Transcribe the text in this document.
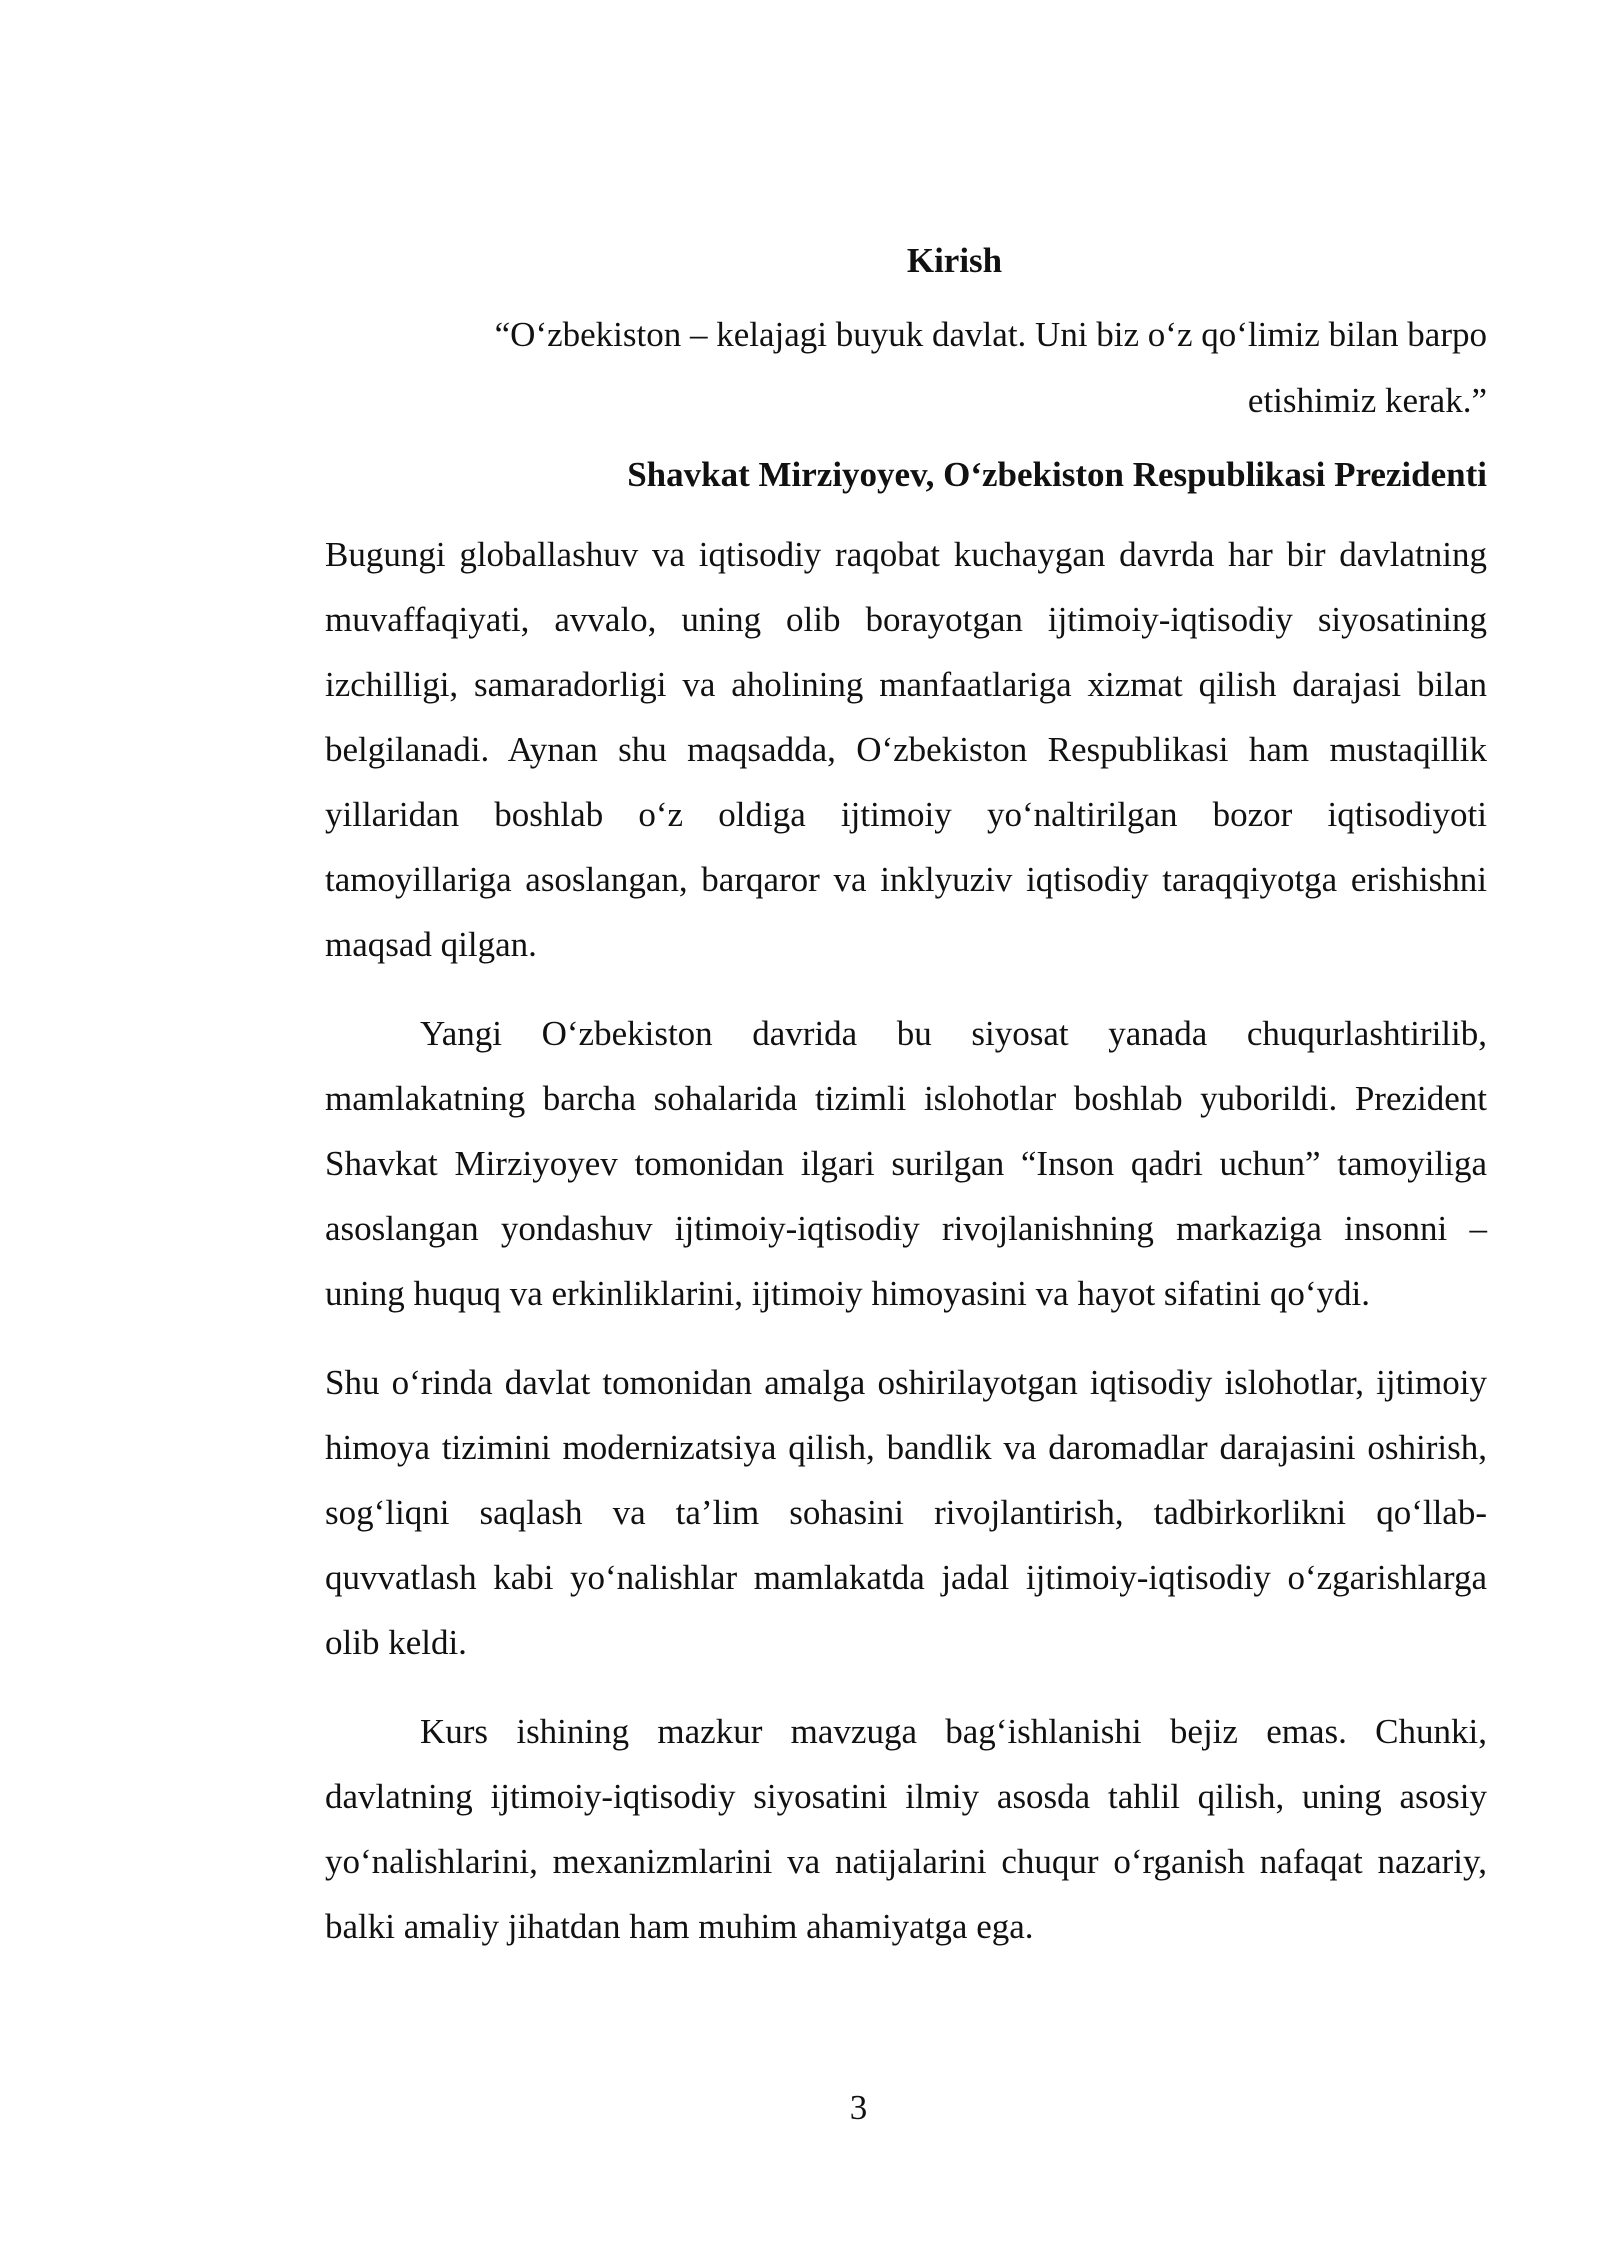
Kirish
“O‘zbekiston – kelajagi buyuk davlat. Uni biz o‘z qo‘limiz bilan barpo
etishimiz kerak.”

Shavkat Mirziyoyev, O‘zbekiston Respublikasi Prezidenti

Bugungi globallashuv va iqtisodiy raqobat kuchaygan davrda har bir davlatning muvaffaqiyati, avvalo, uning olib borayotgan ijtimoiy-iqtisodiy siyosatining izchilligi, samaradorligi va aholining manfaatlariga xizmat qilish darajasi bilan belgilanadi. Aynan shu maqsadda, O‘zbekiston Respublikasi ham mustaqillik yillaridan boshlab o‘z oldiga ijtimoiy yo‘naltirilgan bozor iqtisodiyoti tamoyillariga asoslangan, barqaror va inklyuziv iqtisodiy taraqqiyotga erishishni maqsad qilgan.

Yangi O‘zbekiston davrida bu siyosat yanada chuqurlashtirilib, mamlakatning barcha sohalarida tizimli islohotlar boshlab yuborildi. Prezident Shavkat Mirziyoyev tomonidan ilgari surilgan “Inson qadri uchun” tamoyiliga asoslangan yondashuv ijtimoiy-iqtisodiy rivojlanishning markaziga insonni – uning huquq va erkinliklarini, ijtimoiy himoyasini va hayot sifatini qo‘ydi.

Shu o‘rinda davlat tomonidan amalga oshirilayotgan iqtisodiy islohotlar, ijtimoiy himoya tizimini modernizatsiya qilish, bandlik va daromadlar darajasini oshirish, sog‘liqni saqlash va ta’lim sohasini rivojlantirish, tadbirkorlikni qo‘llab-quvvatlash kabi yo‘nalishlar mamlakatda jadal ijtimoiy-iqtisodiy o‘zgarishlarga olib keldi.

Kurs ishining mazkur mavzuga bag‘ishlanishi bejiz emas. Chunki, davlatning ijtimoiy-iqtisodiy siyosatini ilmiy asosda tahlil qilish, uning asosiy yo‘nalishlarini, mexanizmlarini va natijalarini chuqur o‘rganish nafaqat nazariy, balki amaliy jihatdan ham muhim ahamiyatga ega.

3
